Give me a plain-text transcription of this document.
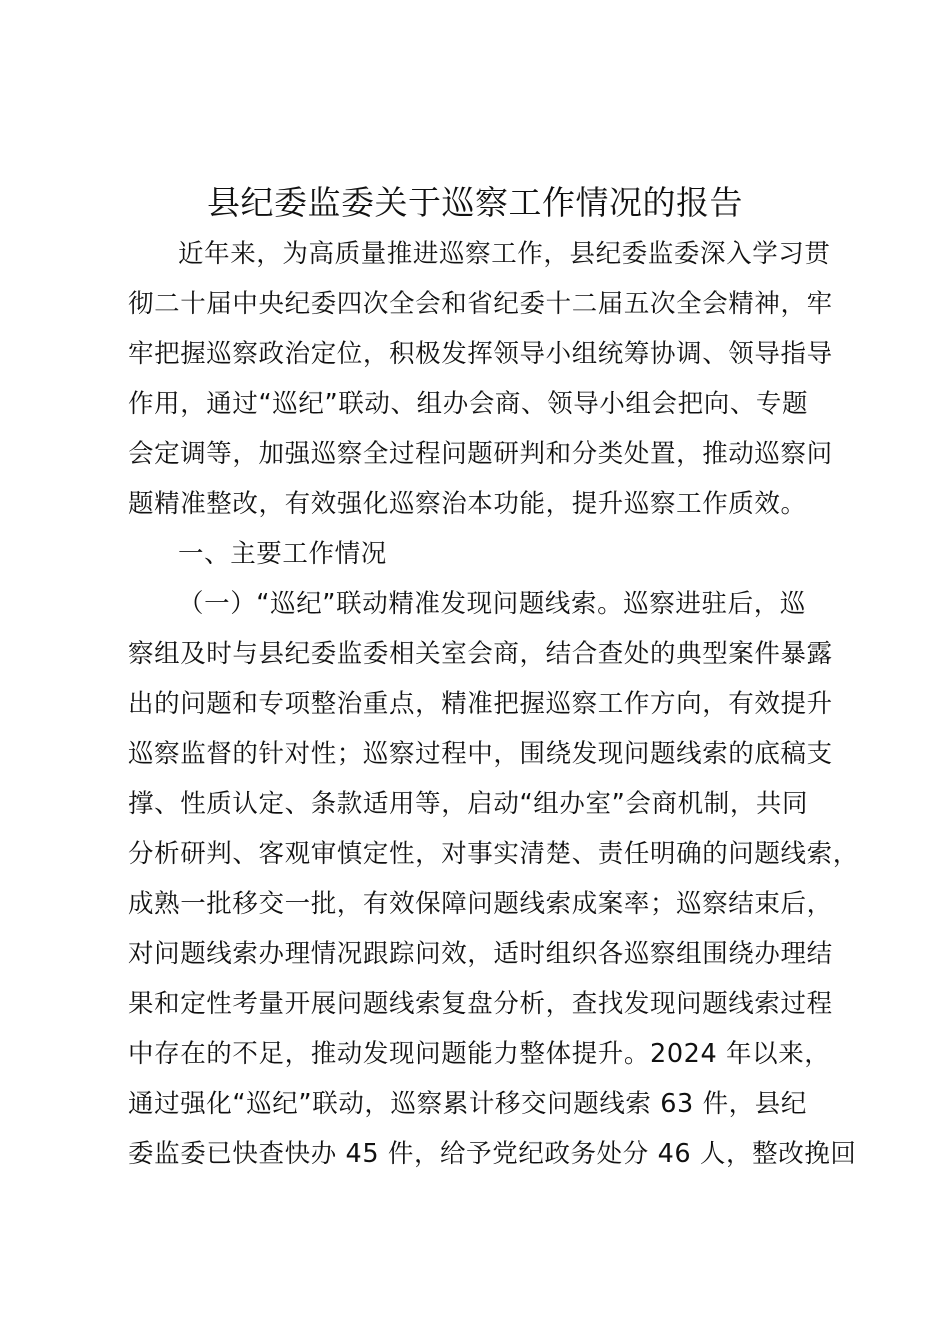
县纪委监委关于巡察工作情况的报告
近年来，为高质量推进巡察工作，县纪委监委深入学习贯
彻二十届中央纪委四次全会和省纪委十二届五次全会精神，牢
牢把握巡察政治定位，积极发挥领导小组统筹协调、领导指导
作用，通过“巡纪”联动、组办会商、领导小组会把向、专题
会定调等，加强巡察全过程问题研判和分类处置，推动巡察问
题精准整改，有效强化巡察治本功能，提升巡察工作质效。
一、主要工作情况
（一）“巡纪”联动精准发现问题线索。巡察进驻后，巡
察组及时与县纪委监委相关室会商，结合查处的典型案件暴露
出的问题和专项整治重点，精准把握巡察工作方向，有效提升
巡察监督的针对性；巡察过程中，围绕发现问题线索的底稿支
撑、性质认定、条款适用等，启动“组办室”会商机制，共同
分析研判、客观审慎定性，对事实清楚、责任明确的问题线索，
成熟一批移交一批，有效保障问题线索成案率；巡察结束后，
对问题线索办理情况跟踪问效，适时组织各巡察组围绕办理结
果和定性考量开展问题线索复盘分析，查找发现问题线索过程
中存在的不足，推动发现问题能力整体提升。2024 年以来，
通过强化“巡纪”联动，巡察累计移交问题线索 63 件，县纪
委监委已快查快办 45 件，给予党纪政务处分 46 人，整改挽回
